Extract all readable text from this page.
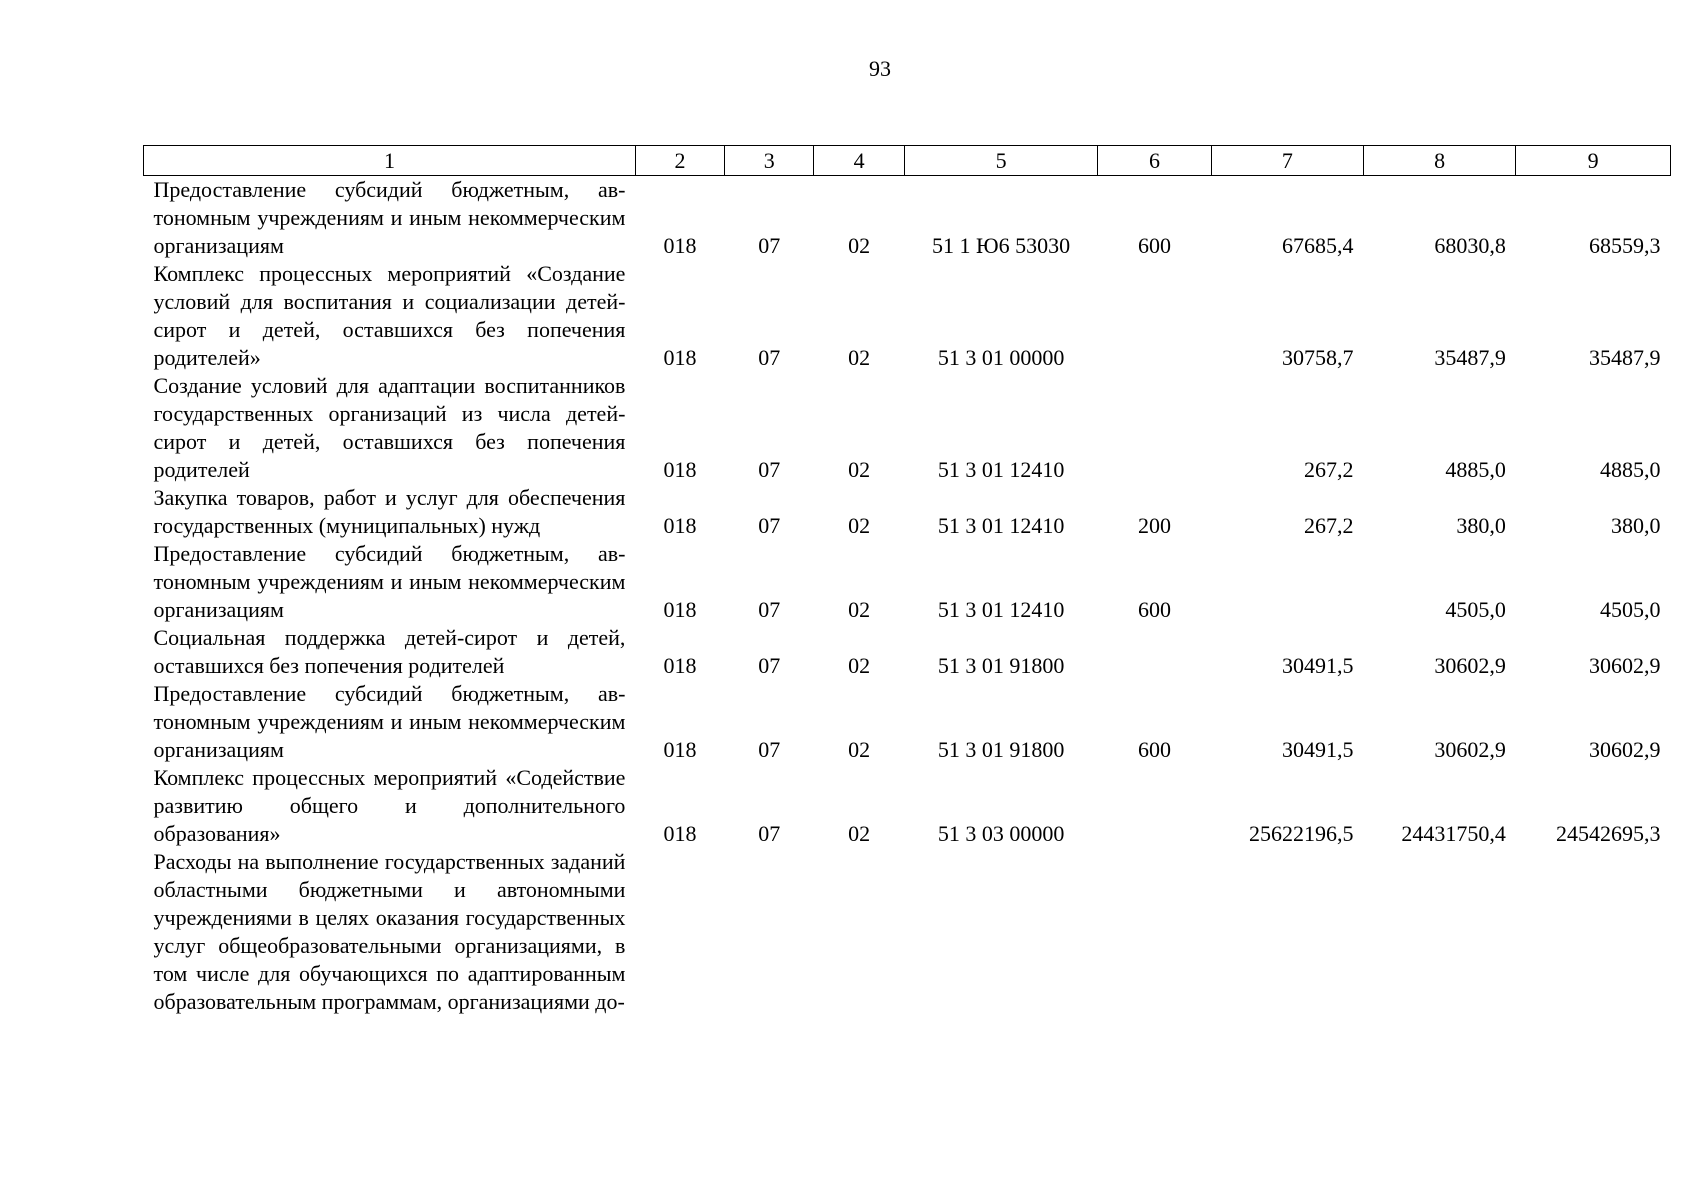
93
1	2	3	4	5	6	7	8	9
Предоставление субсидий бюджетным, автономным учреждениям и иным некоммерческим организациям	018	07	02	51 1 Ю6 53030	600	67685,4	68030,8	68559,3
Комплекс процессных мероприятий «Создание условий для воспитания и социализации детей-сирот и детей, оставшихся без попечения родителей»	018	07	02	51 3 01 00000		30758,7	35487,9	35487,9
Создание условий для адаптации воспитанников государственных организаций из числа детей-сирот и детей, оставшихся без попечения родителей	018	07	02	51 3 01 12410		267,2	4885,0	4885,0
Закупка товаров, работ и услуг для обеспечения государственных (муниципальных) нужд	018	07	02	51 3 01 12410	200	267,2	380,0	380,0
Предоставление субсидий бюджетным, автономным учреждениям и иным некоммерческим организациям	018	07	02	51 3 01 12410	600		4505,0	4505,0
Социальная поддержка детей-сирот и детей, оставшихся без попечения родителей	018	07	02	51 3 01 91800		30491,5	30602,9	30602,9
Предоставление субсидий бюджетным, автономным учреждениям и иным некоммерческим организациям	018	07	02	51 3 01 91800	600	30491,5	30602,9	30602,9
Комплекс процессных мероприятий «Содействие развитию общего и дополнительного образования»	018	07	02	51 3 03 00000		25622196,5	24431750,4	24542695,3
Расходы на выполнение государственных заданий областными бюджетными и автономными учреждениями в целях оказания государственных услуг общеобразовательными организациями, в том числе для обучающихся по адаптированным образовательным программам, организациями до-								
